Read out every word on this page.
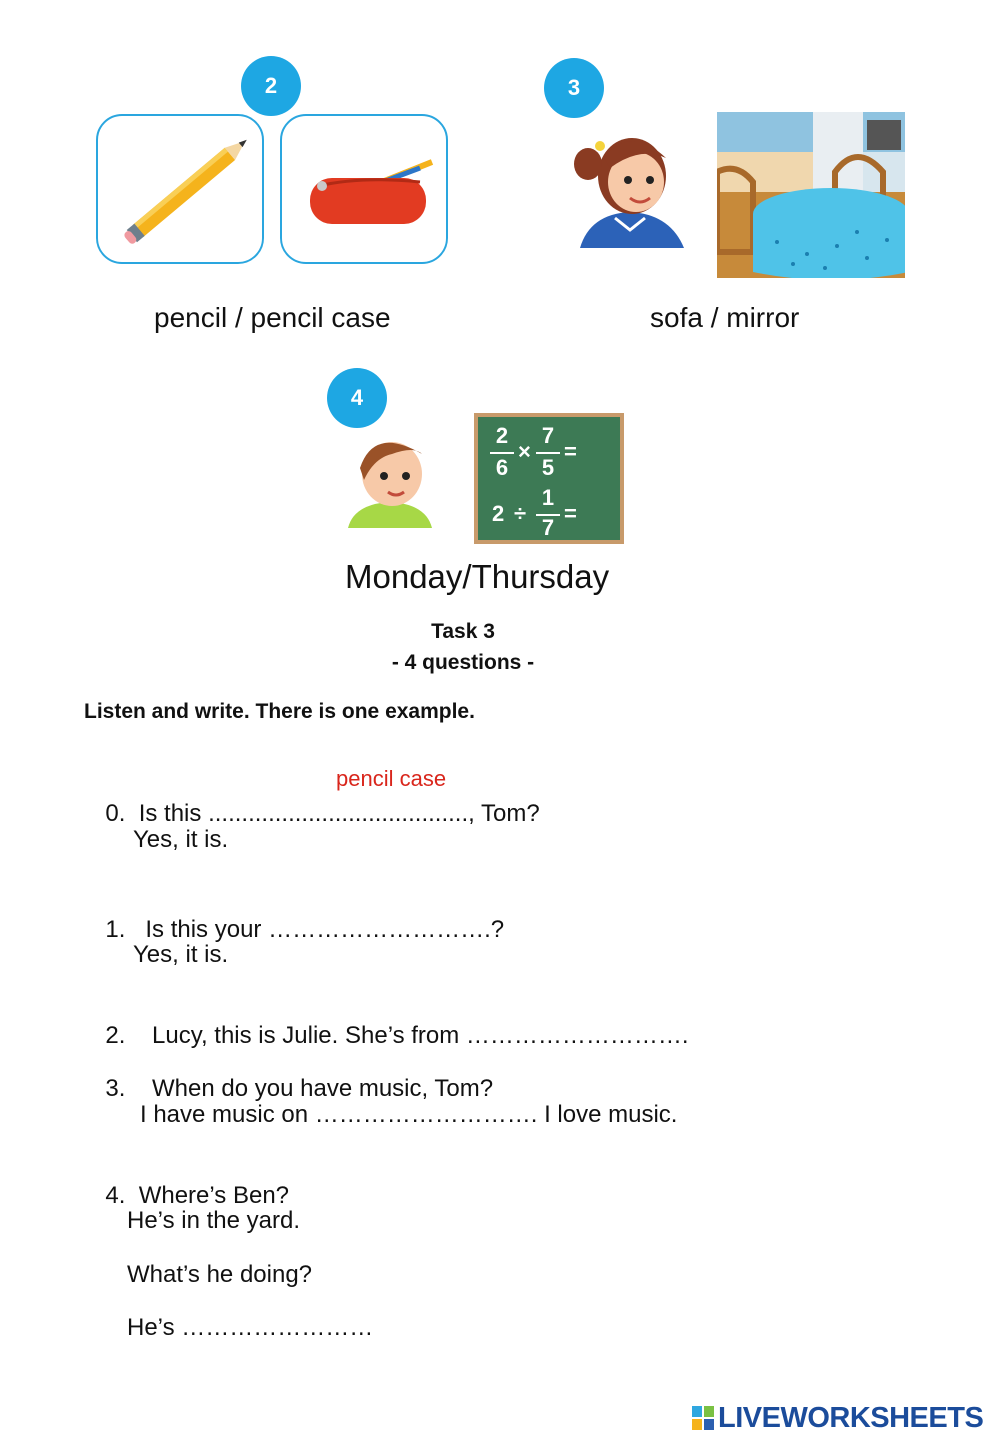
2
pencil / pencil case
3
sofa / mirror
4
2
6
×
7
5
=
2 ÷
1
7
=
Monday/Thursday
Task 3
- 4 questions -
Listen and write. There is one example.

0. Is this ......................................., Tom?

pencil case
Yes, it is.

1. Is this your ……………………….?

Yes, it is.

2. Lucy, this is Julie. She’s from ……………………….

3. When do you have music, Tom?

I have music on ………………………. I love music.

4. Where’s Ben?

He’s in the yard.
What’s he doing?
He’s ……………………
LIVEWORKSHEETS
